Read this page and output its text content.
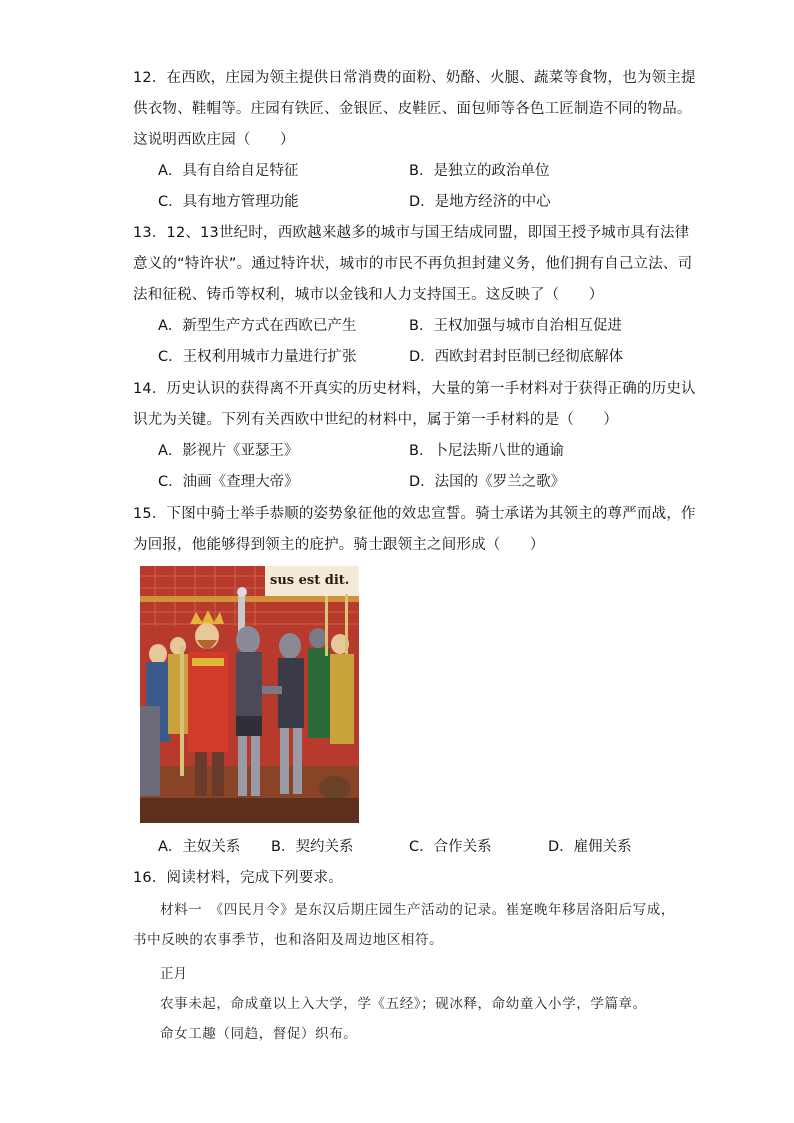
12．在西欧，庄园为领主提供日常消费的面粉、奶酪、火腿、蔬菜等食物，也为领主提
供衣物、鞋帽等。庄园有铁匠、金银匠、皮鞋匠、面包师等各色工匠制造不同的物品。
这说明西欧庄园（　　）
A．具有自给自足特征	B．是独立的政治单位
C．具有地方管理功能	D．是地方经济的中心
13．12、13世纪时，西欧越来越多的城市与国王结成同盟，即国王授予城市具有法律
意义的“特许状”。通过特许状，城市的市民不再负担封建义务，他们拥有自己立法、司
法和征税、铸币等权利，城市以金钱和人力支持国王。这反映了（　　）
A．新型生产方式在西欧已产生	B．王权加强与城市自治相互促进
C．王权利用城市力量进行扩张	D．西欧封君封臣制已经彻底解体
14．历史认识的获得离不开真实的历史材料，大量的第一手材料对于获得正确的历史认
识尤为关键。下列有关西欧中世纪的材料中，属于第一手材料的是（　　）
A．影视片《亚瑟王》	B．卜尼法斯八世的通谕
C．油画《查理大帝》	D．法国的《罗兰之歌》
15．下图中骑士举手恭顺的姿势象征他的效忠宣誓。骑士承诺为其领主的尊严而战，作
为回报，他能够得到领主的庇护。骑士跟领主之间形成（　　）
sus est dit.
A．主奴关系 B．契约关系	C．合作关系	D．雇佣关系
16．阅读材料，完成下列要求。
材料一　《四民月令》是东汉后期庄园生产活动的记录。崔寔晚年移居洛阳后写成，
书中反映的农事季节，也和洛阳及周边地区相符。
正月
农事未起，命成童以上入大学，学《五经》；砚冰释，命幼童入小学，学篇章。
命女工趣（同趋，督促）织布。
